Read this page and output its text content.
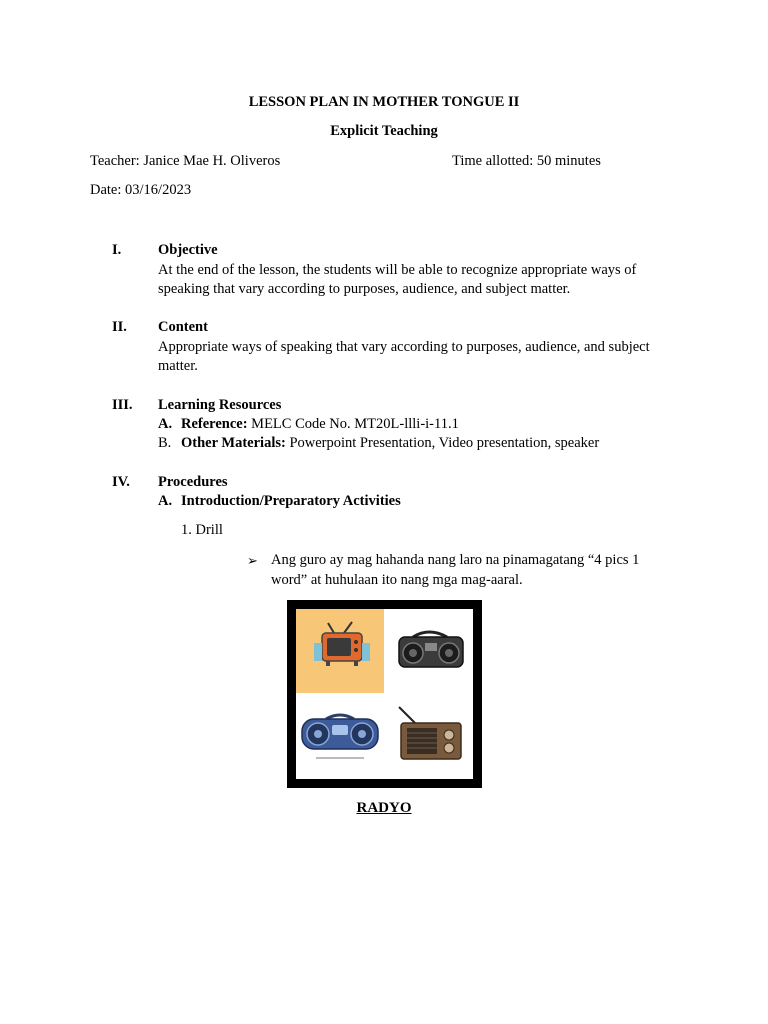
LESSON PLAN IN MOTHER TONGUE II
Explicit Teaching
Teacher: Janice Mae H. Oliveros	Time allotted: 50 minutes
Date: 03/16/2023
I.	Objective
At the end of the lesson, the students will be able to recognize appropriate ways of
speaking that vary according to purposes, audience, and subject matter.
II. Content
Appropriate ways of speaking that vary according to purposes, audience, and subject
matter.
III. Learning Resources
A. Reference: MELC Code No. MT20L-llli-i-11.1
B. Other Materials: Powerpoint Presentation, Video presentation, speaker
IV. Procedures
A. Introduction/Preparatory Activities
1. Drill
➢ Ang guro ay mag hahanda nang laro na pinamagatang “4 pics 1
word” at huhulaan ito nang mga mag-aaral.
RADYO
